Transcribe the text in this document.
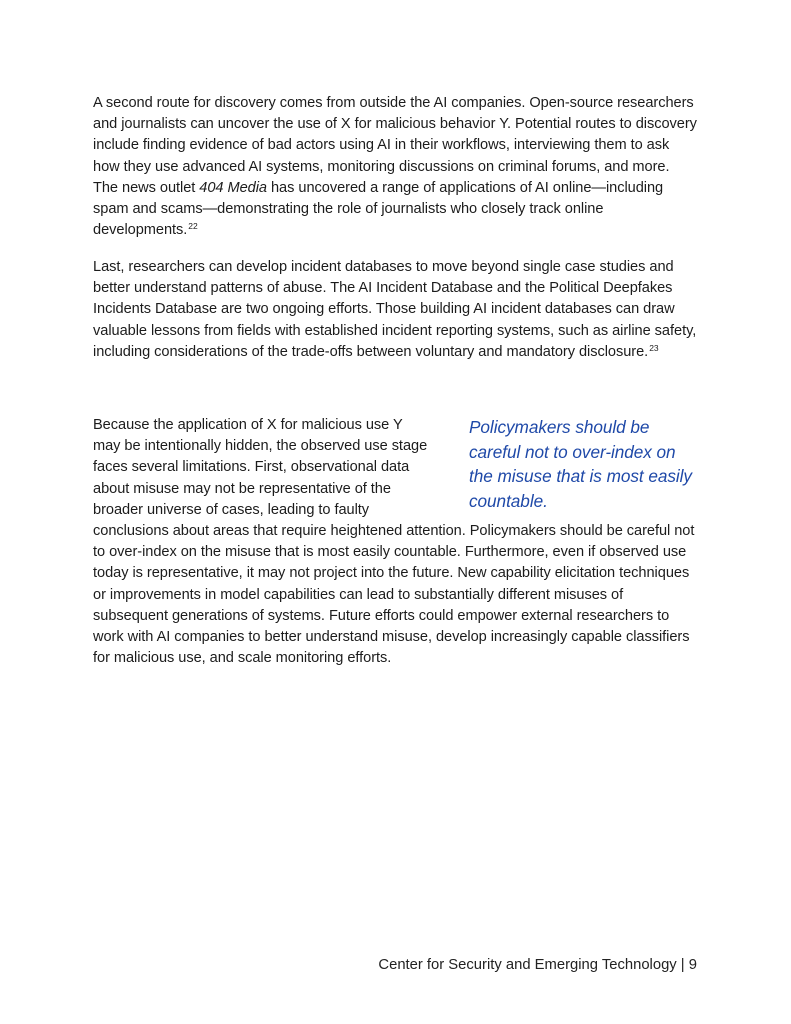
A second route for discovery comes from outside the AI companies. Open-source researchers and journalists can uncover the use of X for malicious behavior Y. Potential routes to discovery include finding evidence of bad actors using AI in their workflows, interviewing them to ask how they use advanced AI systems, monitoring discussions on criminal forums, and more. The news outlet 404 Media has uncovered a range of applications of AI online—including spam and scams—demonstrating the role of journalists who closely track online developments.$^{22}$

Last, researchers can develop incident databases to move beyond single case studies and better understand patterns of abuse. The AI Incident Database and the Political Deepfakes Incidents Database are two ongoing efforts. Those building AI incident databases can draw valuable lessons from fields with established incident reporting systems, such as airline safety, including considerations of the trade-offs between voluntary and mandatory disclosure.$^{23}$

Policymakers should be careful not to over-index on the misuse that is most easily countable.
Because the application of X for malicious use Y may be intentionally hidden, the observed use stage faces several limitations. First, observational data about misuse may not be representative of the broader universe of cases, leading to faulty conclusions about areas that require heightened attention. Policymakers should be careful not to over-index on the misuse that is most easily countable. Furthermore, even if observed use today is representative, it may not project into the future. New capability elicitation techniques or improvements in model capabilities can lead to substantially different misuses of subsequent generations of systems. Future efforts could empower external researchers to work with AI companies to better understand misuse, develop increasingly capable classifiers for malicious use, and scale monitoring efforts.

Center for Security and Emerging Technology | 9
